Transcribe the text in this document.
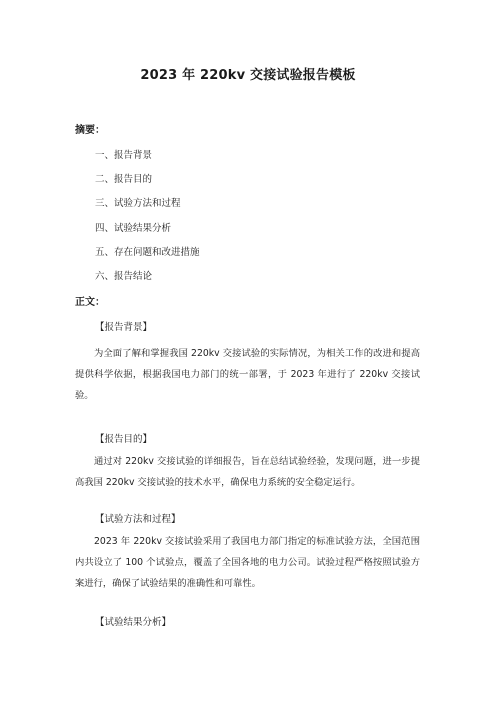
2023 年 220kv 交接试验报告模板
摘要：
一、报告背景
二、报告目的
三、试验方法和过程
四、试验结果分析
五、存在问题和改进措施
六、报告结论
正文：
【报告背景】

为全面了解和掌握我国 220kv 交接试验的实际情况，为相关工作的改进和提高提供科学依据，根据我国电力部门的统一部署，于 2023 年进行了 220kv 交接试验。

【报告目的】

通过对 220kv 交接试验的详细报告，旨在总结试验经验，发现问题，进一步提高我国 220kv 交接试验的技术水平，确保电力系统的安全稳定运行。

【试验方法和过程】

2023 年 220kv 交接试验采用了我国电力部门指定的标准试验方法，全国范围内共设立了 100 个试验点，覆盖了全国各地的电力公司。试验过程严格按照试验方案进行，确保了试验结果的准确性和可靠性。

【试验结果分析】
